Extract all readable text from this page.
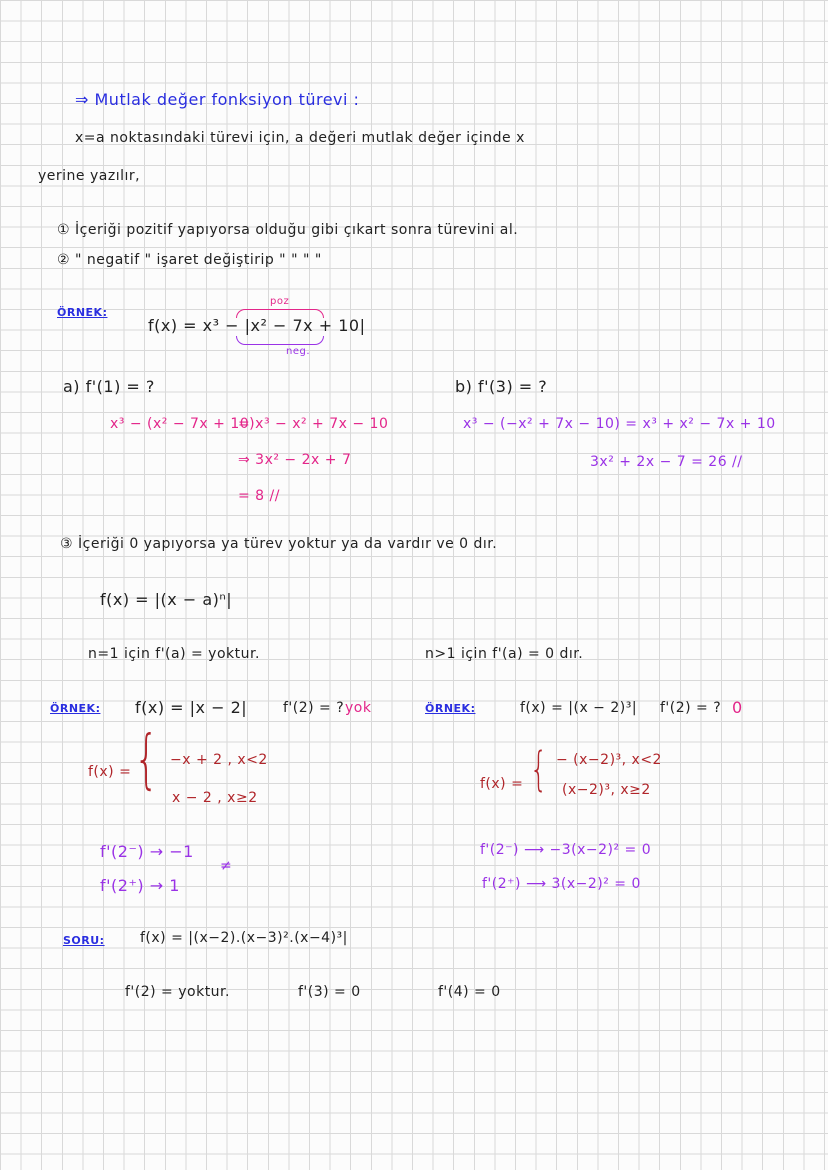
⇒ Mutlak değer fonksiyon türevi :
x=a noktasındaki türevi için, a değeri mutlak değer içinde x
yerine yazılır,
① İçeriği pozitif yapıyorsa olduğu gibi çıkart sonra türevini al.
② " negatif " işaret değiştirip " " " "
ÖRNEK:
f(x) = x³ − |x² − 7x + 10|
poz
neg.
a) f'(1) = ?
x³ − (x² − 7x + 10)
= x³ − x² + 7x − 10
⇒ 3x² − 2x + 7
= 8 //
b) f'(3) = ?
x³ − (−x² + 7x − 10) = x³ + x² − 7x + 10
3x² + 2x − 7 = 26 //
③ İçeriği 0 yapıyorsa ya türev yoktur ya da vardır ve 0 dır.
f(x) = |(x − a)ⁿ|
n=1 için f'(a) = yoktur.	n>1 için f'(a) = 0 dır.
ÖRNEK: f(x) = |x − 2|	f'(2) = ? yok	ÖRNEK:	f(x) = |(x − 2)³| f'(2) = ? 0
f(x) = { −x + 2 , x<2
x − 2 , x≥2
f(x) = { − (x−2)³, x<2
(x−2)³, x≥2
f'(2⁻) → −1
f'(2⁺) → 1
≠
f'(2⁻) ⟶ −3(x−2)² = 0
f'(2⁺) ⟶ 3(x−2)² = 0
SORU:	f(x) = |(x−2).(x−3)².(x−4)³|
f'(2) = yoktur.	f'(3) = 0	f'(4) = 0
